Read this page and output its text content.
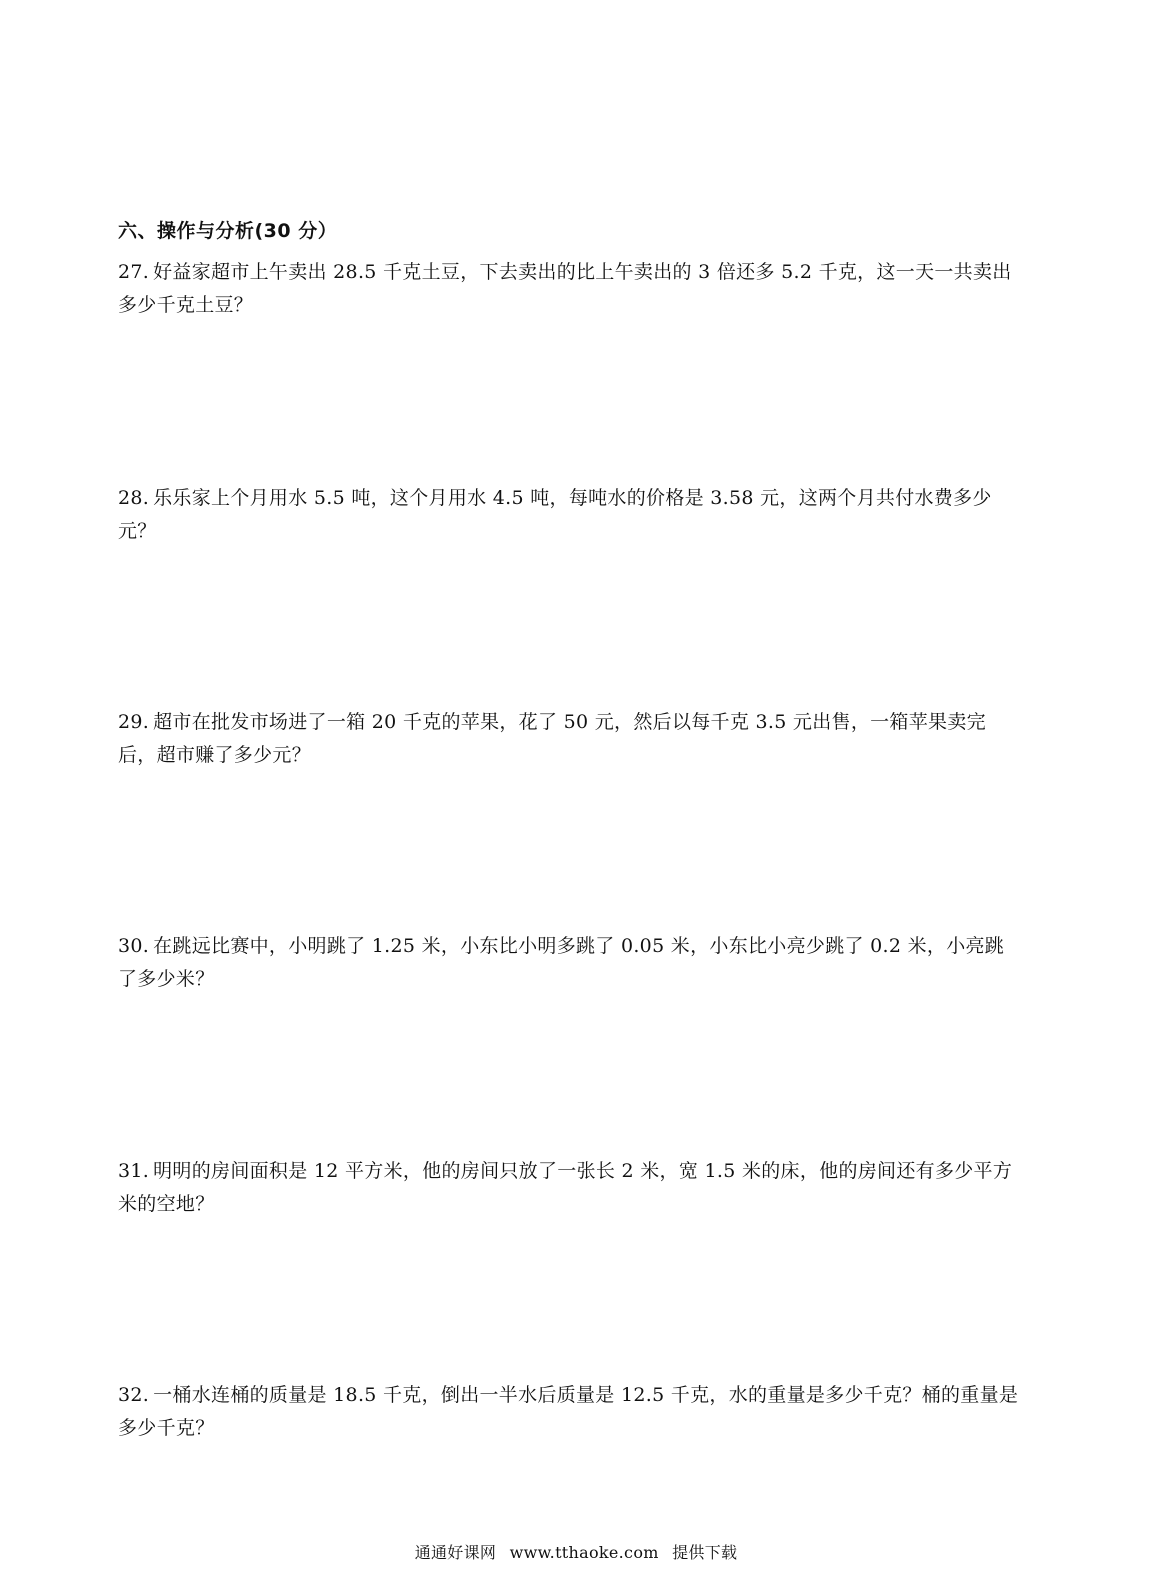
六、操作与分析(30 分）
27. 好益家超市上午卖出 28.5 千克土豆，下去卖出的比上午卖出的 3 倍还多 5.2 千克，这一天一共卖出多少千克土豆？
28. 乐乐家上个月用水 5.5 吨，这个月用水 4.5 吨，每吨水的价格是 3.58 元，这两个月共付水费多少元？
29. 超市在批发市场进了一箱 20 千克的苹果，花了 50 元，然后以每千克 3.5 元出售，一箱苹果卖完后，超市赚了多少元？
30. 在跳远比赛中，小明跳了 1.25 米，小东比小明多跳了 0.05 米，小东比小亮少跳了 0.2 米，小亮跳了多少米？
31. 明明的房间面积是 12 平方米，他的房间只放了一张长 2 米，宽 1.5 米的床，他的房间还有多少平方米的空地？
32. 一桶水连桶的质量是 18.5 千克，倒出一半水后质量是 12.5 千克，水的重量是多少千克？桶的重量是多少千克？
通通好课网 www.tthaoke.com 提供下载
